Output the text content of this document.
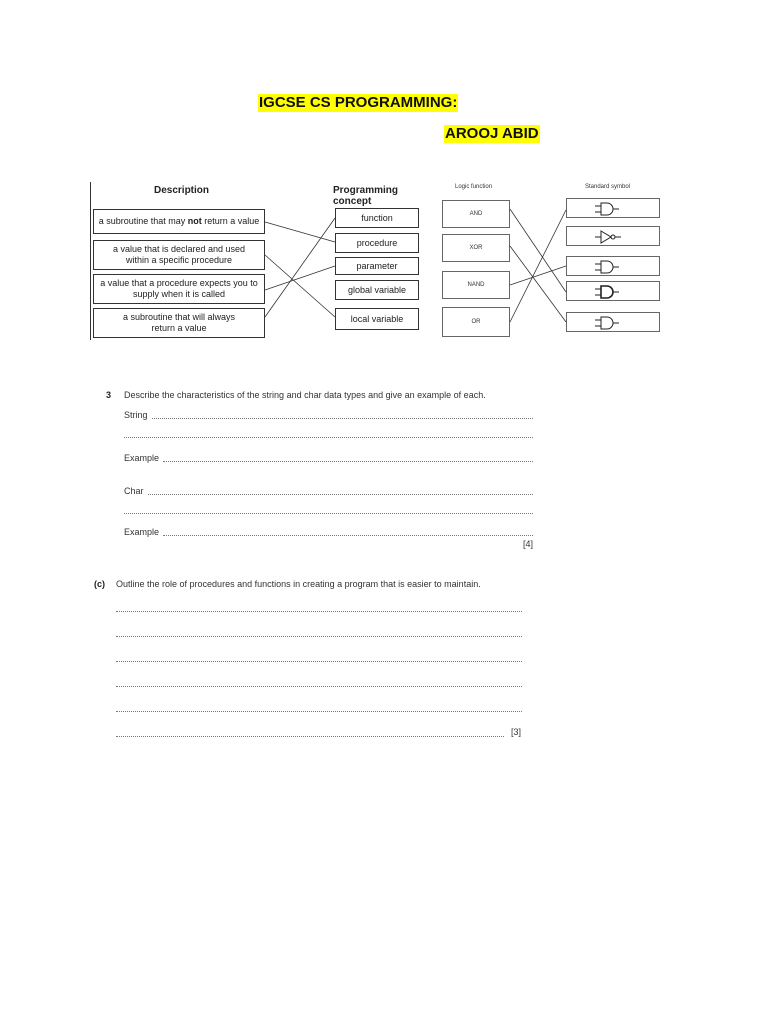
IGCSE CS PROGRAMMING:
AROOJ ABID
Description	Programming concept
a subroutine that may not return a value
a value that is declared and used within a specific procedure
a value that a procedure expects you to supply when it is called
a subroutine that will always return a value
function
procedure
parameter
global variable
local variable
Logic function	Standard symbol
AND
XOR
NAND
OR
3 Describe the characteristics of the string and char data types and give an example of each.
String
Example
Char
Example
[4]
(c) Outline the role of procedures and functions in creating a program that is easier to maintain.
[3]
